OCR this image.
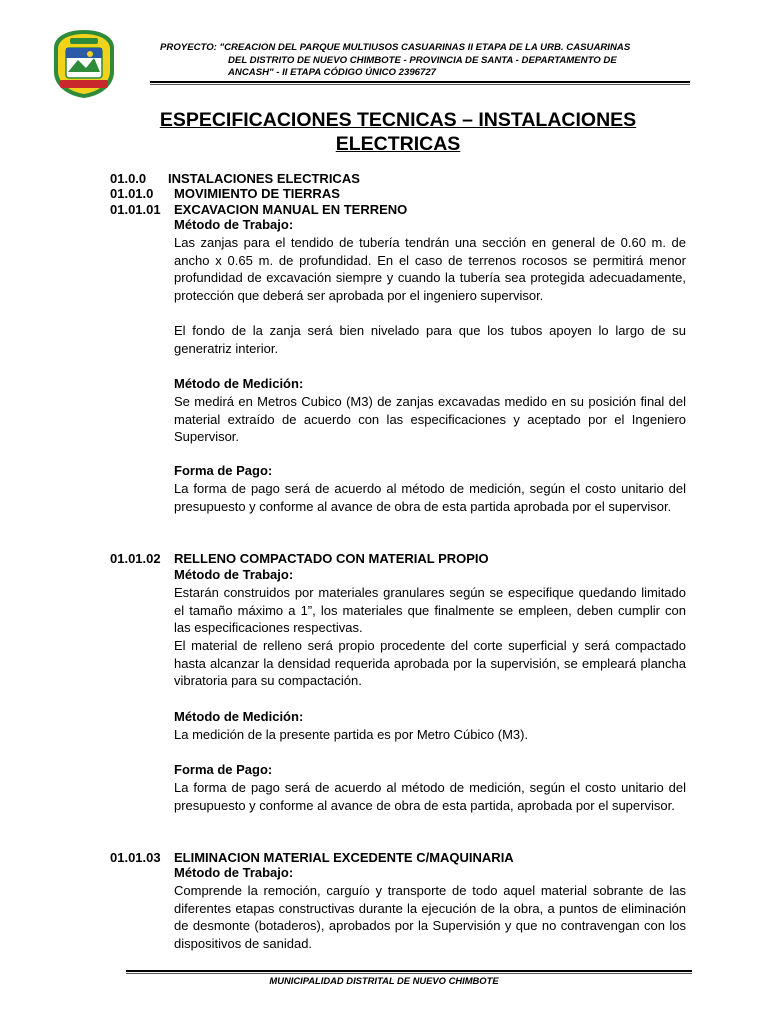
PROYECTO: "CREACION DEL PARQUE MULTIUSOS CASUARINAS II ETAPA DE LA URB. CASUARINAS
DEL DISTRITO DE NUEVO CHIMBOTE - PROVINCIA DE SANTA - DEPARTAMENTO DE
ANCASH" - II ETAPA CÓDIGO ÚNICO 2396727
ESPECIFICACIONES TECNICAS – INSTALACIONES
ELECTRICAS
01.0.0 INSTALACIONES ELECTRICAS
01.01.0 MOVIMIENTO DE TIERRAS
01.01.01 EXCAVACION MANUAL EN TERRENO
Método de Trabajo:
Las zanjas para el tendido de tubería tendrán una sección en general de 0.60 m. de ancho x 0.65 m. de profundidad. En el caso de terrenos rocosos se permitirá menor profundidad de excavación siempre y cuando la tubería sea protegida adecuadamente, protección que deberá ser aprobada por el ingeniero supervisor.
El fondo de la zanja será bien nivelado para que los tubos apoyen lo largo de su generatriz interior.
Método de Medición:
Se medirá en Metros Cubico (M3) de zanjas excavadas medido en su posición final del material extraído de acuerdo con las especificaciones y aceptado por el Ingeniero Supervisor.
Forma de Pago:
La forma de pago será de acuerdo al método de medición, según el costo unitario del presupuesto y conforme al avance de obra de esta partida aprobada por el supervisor.
01.01.02 RELLENO COMPACTADO CON MATERIAL PROPIO
Método de Trabajo:
Estarán construidos por materiales granulares según se especifique quedando limitado el tamaño máximo a 1”, los materiales que finalmente se empleen, deben cumplir con las especificaciones respectivas.
El material de relleno será propio procedente del corte superficial y será compactado hasta alcanzar la densidad requerida aprobada por la supervisión, se empleará plancha vibratoria para su compactación.
Método de Medición:
La medición de la presente partida es por Metro Cúbico (M3).
Forma de Pago:
La forma de pago será de acuerdo al método de medición, según el costo unitario del presupuesto y conforme al avance de obra de esta partida, aprobada por el supervisor.
01.01.03 ELIMINACION MATERIAL EXCEDENTE C/MAQUINARIA
Método de Trabajo:
Comprende la remoción, carguío y transporte de todo aquel material sobrante de las diferentes etapas constructivas durante la ejecución de la obra, a puntos de eliminación de desmonte (botaderos), aprobados por la Supervisión y que no contravengan con los dispositivos de sanidad.
MUNICIPALIDAD DISTRITAL DE NUEVO CHIMBOTE
